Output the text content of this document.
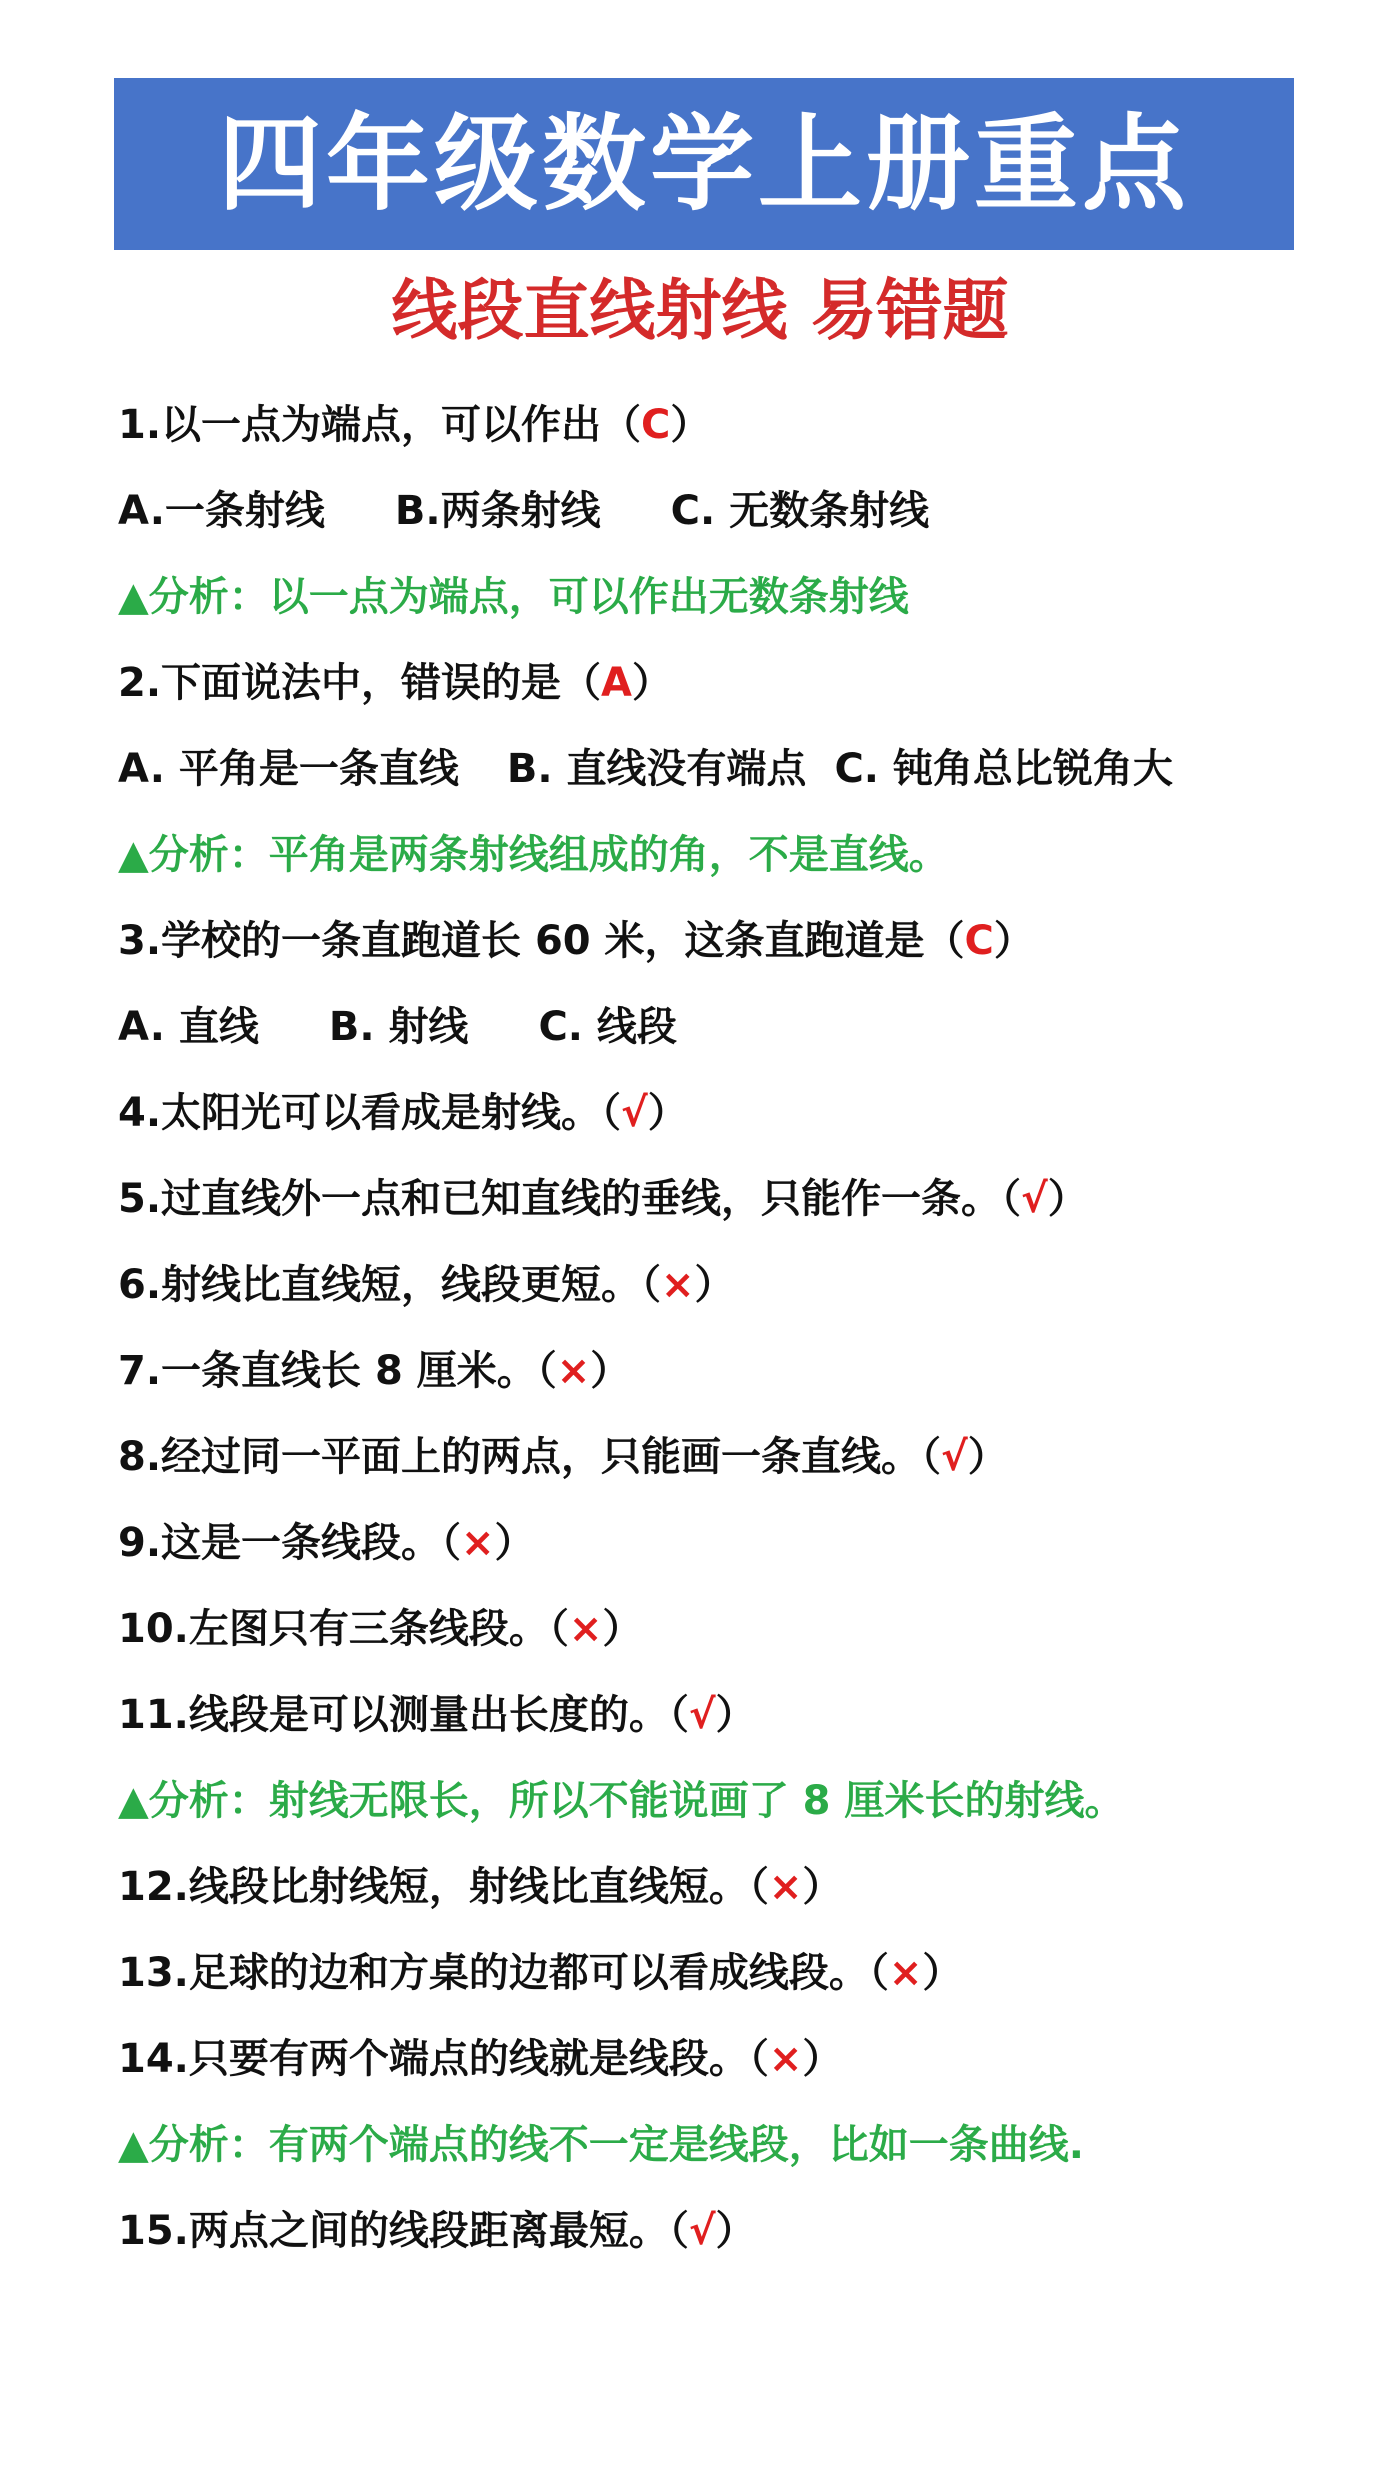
四年级数学上册重点
线段直线射线 易错题
1.以一点为端点，可以作出（C）
A.一条射线 B.两条射线 C. 无数条射线
▲分析：以一点为端点，可以作出无数条射线
2.下面说法中，错误的是（A）
A. 平角是一条直线 B. 直线没有端点 C. 钝角总比锐角大
▲分析：平角是两条射线组成的角，不是直线。
3.学校的一条直跑道长 60 米，这条直跑道是（C）
A. 直线 B. 射线 C. 线段
4.太阳光可以看成是射线。（√）
5.过直线外一点和已知直线的垂线，只能作一条。（√）
6.射线比直线短，线段更短。（×）
7.一条直线长 8 厘米。（×）
8.经过同一平面上的两点，只能画一条直线。（√）
9.这是一条线段。（×）
10.左图只有三条线段。（×）
11.线段是可以测量出长度的。（√）
▲分析：射线无限长，所以不能说画了 8 厘米长的射线。
12.线段比射线短，射线比直线短。（×）
13.足球的边和方桌的边都可以看成线段。（×）
14.只要有两个端点的线就是线段。（×）
▲分析：有两个端点的线不一定是线段，比如一条曲线.
15.两点之间的线段距离最短。（√）
